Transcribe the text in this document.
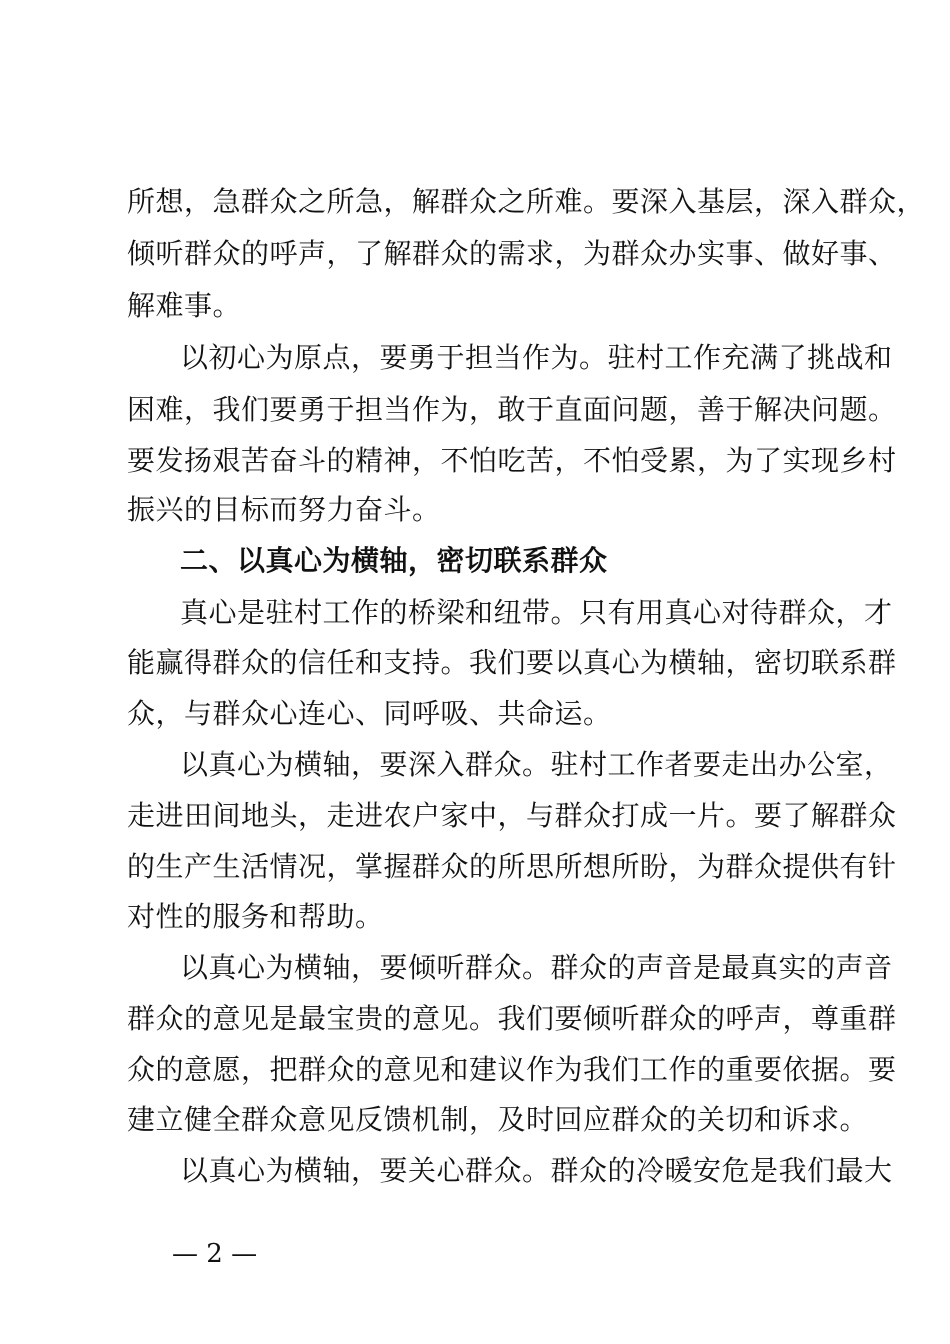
所想，急群众之所急，解群众之所难。要深入基层，深入群众，
倾听群众的呼声，了解群众的需求，为群众办实事、做好事、
解难事。
以初心为原点，要勇于担当作为。驻村工作充满了挑战和
困难，我们要勇于担当作为，敢于直面问题，善于解决问题。
要发扬艰苦奋斗的精神，不怕吃苦，不怕受累，为了实现乡村
振兴的目标而努力奋斗。
二、以真心为横轴，密切联系群众
真心是驻村工作的桥梁和纽带。只有用真心对待群众，才
能赢得群众的信任和支持。我们要以真心为横轴，密切联系群
众，与群众心连心、同呼吸、共命运。
以真心为横轴，要深入群众。驻村工作者要走出办公室，
走进田间地头，走进农户家中，与群众打成一片。要了解群众
的生产生活情况，掌握群众的所思所想所盼，为群众提供有针
对性的服务和帮助。
以真心为横轴，要倾听群众。群众的声音是最真实的声音
群众的意见是最宝贵的意见。我们要倾听群众的呼声，尊重群
众的意愿，把群众的意见和建议作为我们工作的重要依据。要
建立健全群众意见反馈机制，及时回应群众的关切和诉求。
以真心为横轴，要关心群众。群众的冷暖安危是我们最大
— 2 —
